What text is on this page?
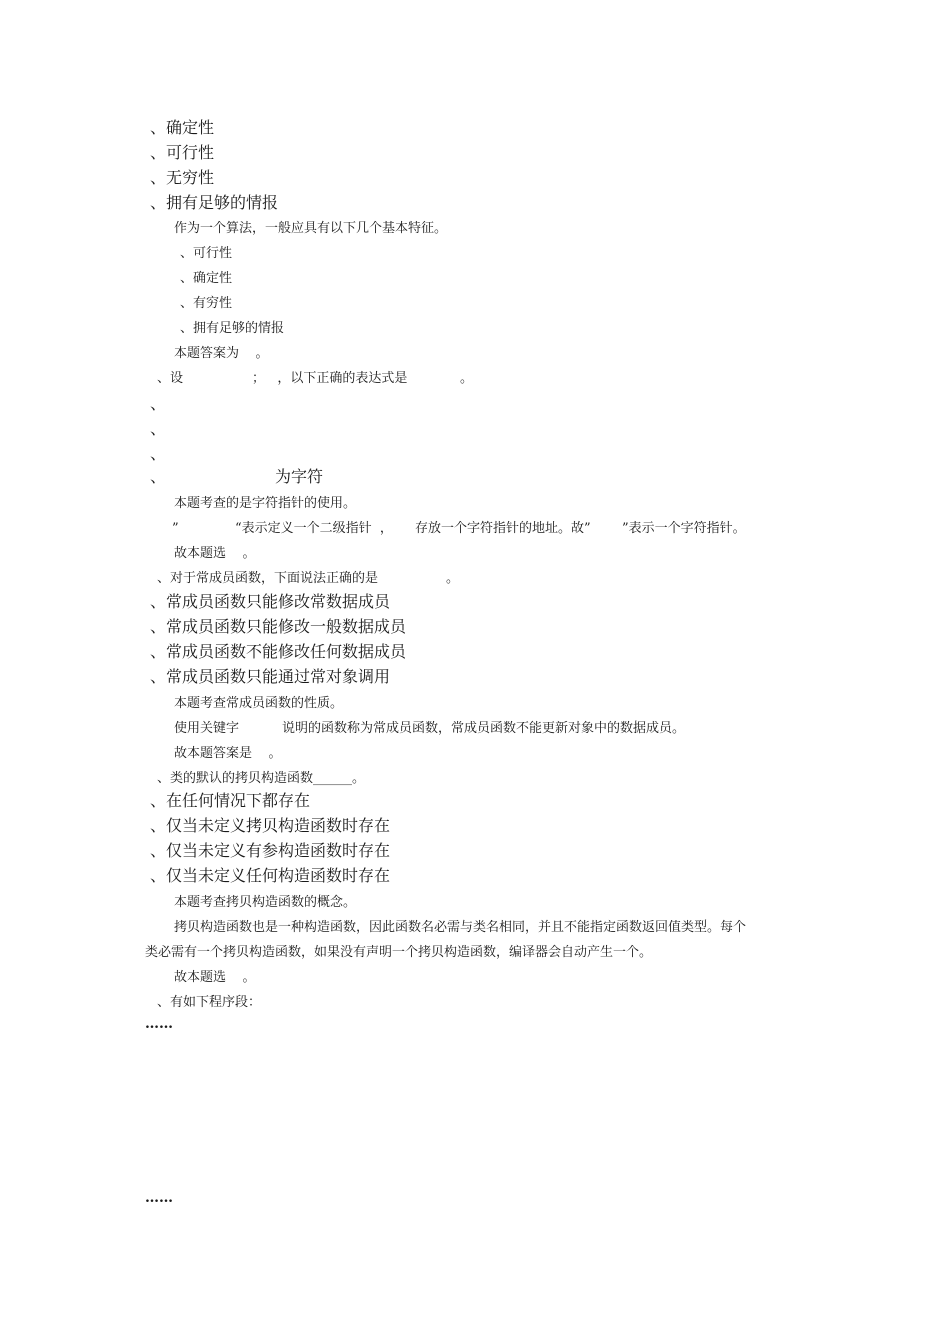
、确定性
、可行性
、无穷性
、拥有足够的情报
作为一个算法，一般应具有以下几个基本特征。
、可行性
、确定性
、有穷性
、拥有足够的情报
本题答案为    。
、设	；   ，以下正确的表达式是	。
、
、
、
、	为字符
本题考查的是字符指针的使用。
”	“表示定义一个二级指针  ， 存放一个字符指针的地址。故” ”表示一个字符指针。
故本题选    。
、对于常成员函数，下面说法正确的是	。
、常成员函数只能修改常数据成员
、常成员函数只能修改一般数据成员
、常成员函数不能修改任何数据成员
、常成员函数只能通过常对象调用
本题考查常成员函数的性质。
使用关键字	说明的函数称为常成员函数，常成员函数不能更新对象中的数据成员。
故本题答案是    。
、类的默认的拷贝构造函数______。
、在任何情况下都存在
、仅当未定义拷贝构造函数时存在
、仅当未定义有参构造函数时存在
、仅当未定义任何构造函数时存在
本题考查拷贝构造函数的概念。
拷贝构造函数也是一种构造函数，因此函数名必需与类名相同，并且不能指定函数返回值类型。每个
类必需有一个拷贝构造函数，如果没有声明一个拷贝构造函数，编译器会自动产生一个。
故本题选    。
、有如下程序段：
……
……
